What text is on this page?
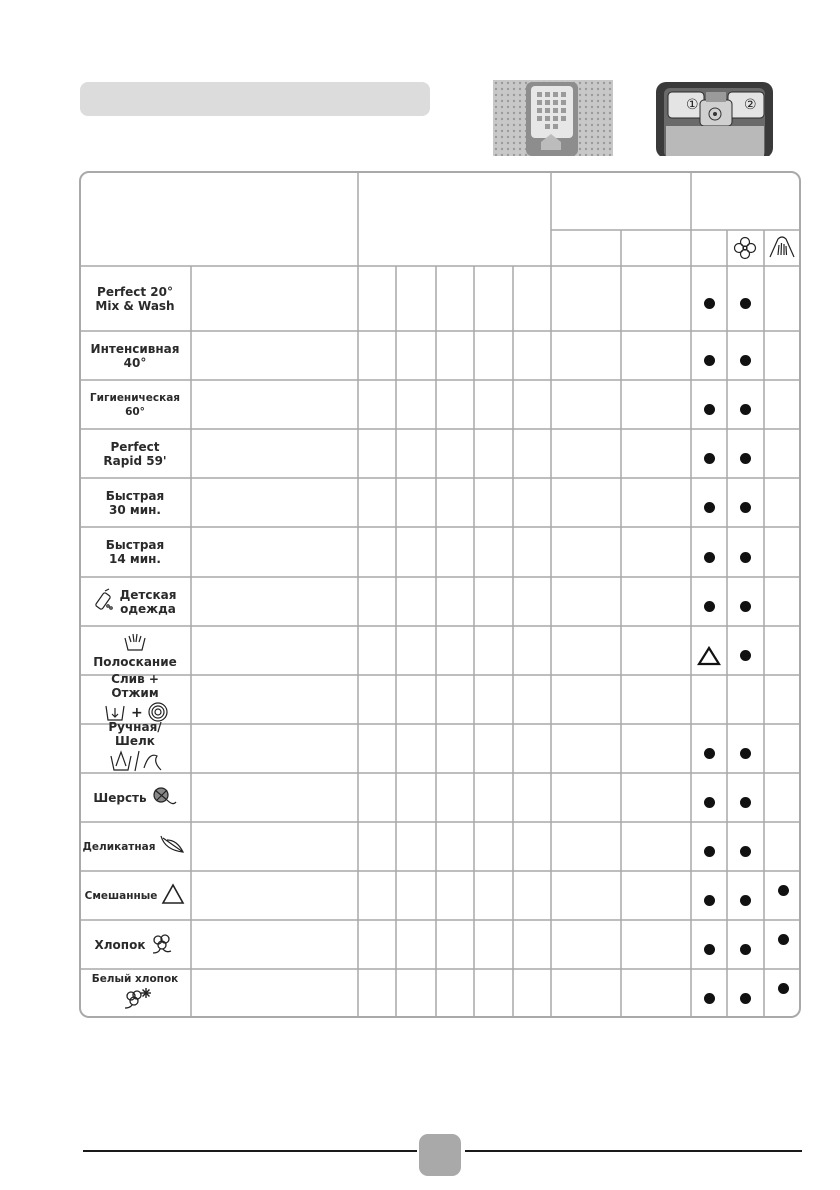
①	②
Perfect 20°
Mix & Wash
Интенсивная 40°
Гигиеническая 60°
Perfect
Rapid 59'
Быстрая
30 мин.
Быстрая
14 мин.
Детская
одежда
Полоскание
Слив +
Отжим
+
Ручная/
Шелк
Шерсть
Деликатная
Смешанные
Хлопок
Белый хлопок
